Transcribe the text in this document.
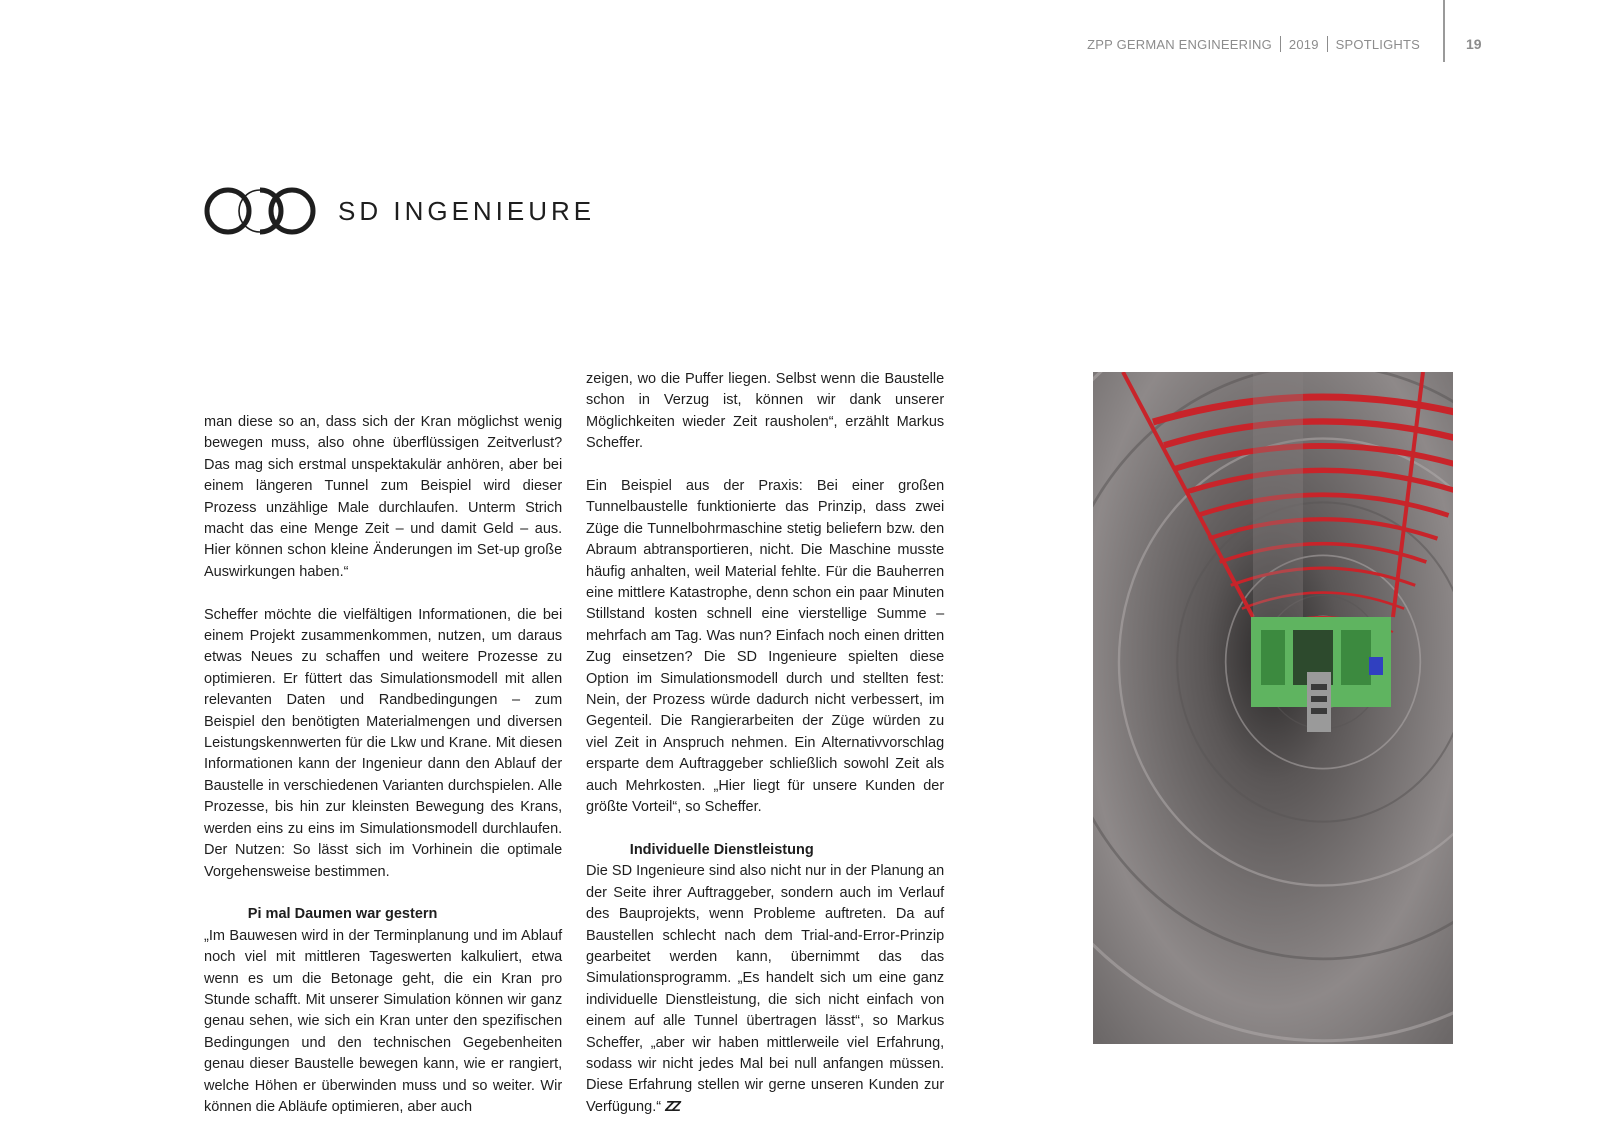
ZPP GERMAN ENGINEERING 2019 SPOTLIGHTS	19
SD INGENIEURE

man diese so an, dass sich der Kran möglichst wenig bewegen muss, also ohne überflüssigen Zeitverlust? Das mag sich erstmal unspektakulär anhören, aber bei einem längeren Tunnel zum Beispiel wird dieser Prozess unzählige Male durchlaufen. Unterm Strich macht das eine Menge Zeit – und damit Geld – aus. Hier können schon kleine Änderungen im Set-up große Auswirkungen haben.“

Scheffer möchte die vielfältigen Informationen, die bei einem Projekt zusammenkommen, nutzen, um daraus etwas Neues zu schaffen und weitere Prozesse zu optimieren. Er füttert das Simulationsmodell mit allen relevanten Daten und Randbedingungen – zum Beispiel den benötigten Materialmengen und diversen Leistungskennwerten für die Lkw und Krane. Mit diesen Informationen kann der Ingenieur dann den Ablauf der Baustelle in verschiedenen Varianten durchspielen. Alle Prozesse, bis hin zur kleinsten Bewegung des Krans, werden eins zu eins im Simulationsmodell durchlaufen. Der Nutzen: So lässt sich im Vorhinein die optimale Vorgehensweise bestimmen.

Pi mal Daumen war gestern

„Im Bauwesen wird in der Terminplanung und im Ablauf noch viel mit mittleren Tageswerten kalkuliert, etwa wenn es um die Betonage geht, die ein Kran pro Stunde schafft. Mit unserer Simulation können wir ganz genau sehen, wie sich ein Kran unter den spezifischen Bedingungen und den technischen Gegebenheiten genau dieser Baustelle bewegen kann, wie er rangiert, welche Höhen er überwinden muss und so weiter. Wir können die Abläufe optimieren, aber auch

zeigen, wo die Puffer liegen. Selbst wenn die Baustelle schon in Verzug ist, können wir dank unserer Möglichkeiten wieder Zeit rausholen“, erzählt Markus Scheffer.

Ein Beispiel aus der Praxis: Bei einer großen Tunnelbaustelle funktionierte das Prinzip, dass zwei Züge die Tunnelbohrmaschine stetig beliefern bzw. den Abraum abtransportieren, nicht. Die Maschine musste häufig anhalten, weil Material fehlte. Für die Bauherren eine mittlere Katastrophe, denn schon ein paar Minuten Stillstand kosten schnell eine vierstellige Summe – mehrfach am Tag. Was nun? Einfach noch einen dritten Zug einsetzen? Die SD Ingenieure spielten diese Option im Simulationsmodell durch und stellten fest: Nein, der Prozess würde dadurch nicht verbessert, im Gegenteil. Die Rangierarbeiten der Züge würden zu viel Zeit in Anspruch nehmen. Ein Alternativvorschlag ersparte dem Auftraggeber schließlich sowohl Zeit als auch Mehrkosten. „Hier liegt für unsere Kunden der größte Vorteil“, so Scheffer.

Individuelle Dienstleistung

Die SD Ingenieure sind also nicht nur in der Planung an der Seite ihrer Auftraggeber, sondern auch im Verlauf des Bauprojekts, wenn Probleme auftreten. Da auf Baustellen schlecht nach dem Trial-and-Error-Prinzip gearbeitet werden kann, übernimmt das das Simulationsprogramm. „Es handelt sich um eine ganz individuelle Dienstleistung, die sich nicht einfach von einem auf alle Tunnel übertragen lässt“, so Markus Scheffer, „aber wir haben mittlerweile viel Erfahrung, sodass wir nicht jedes Mal bei null anfangen müssen. Diese Erfahrung stellen wir gerne unseren Kunden zur Verfügung.“ ZZ
